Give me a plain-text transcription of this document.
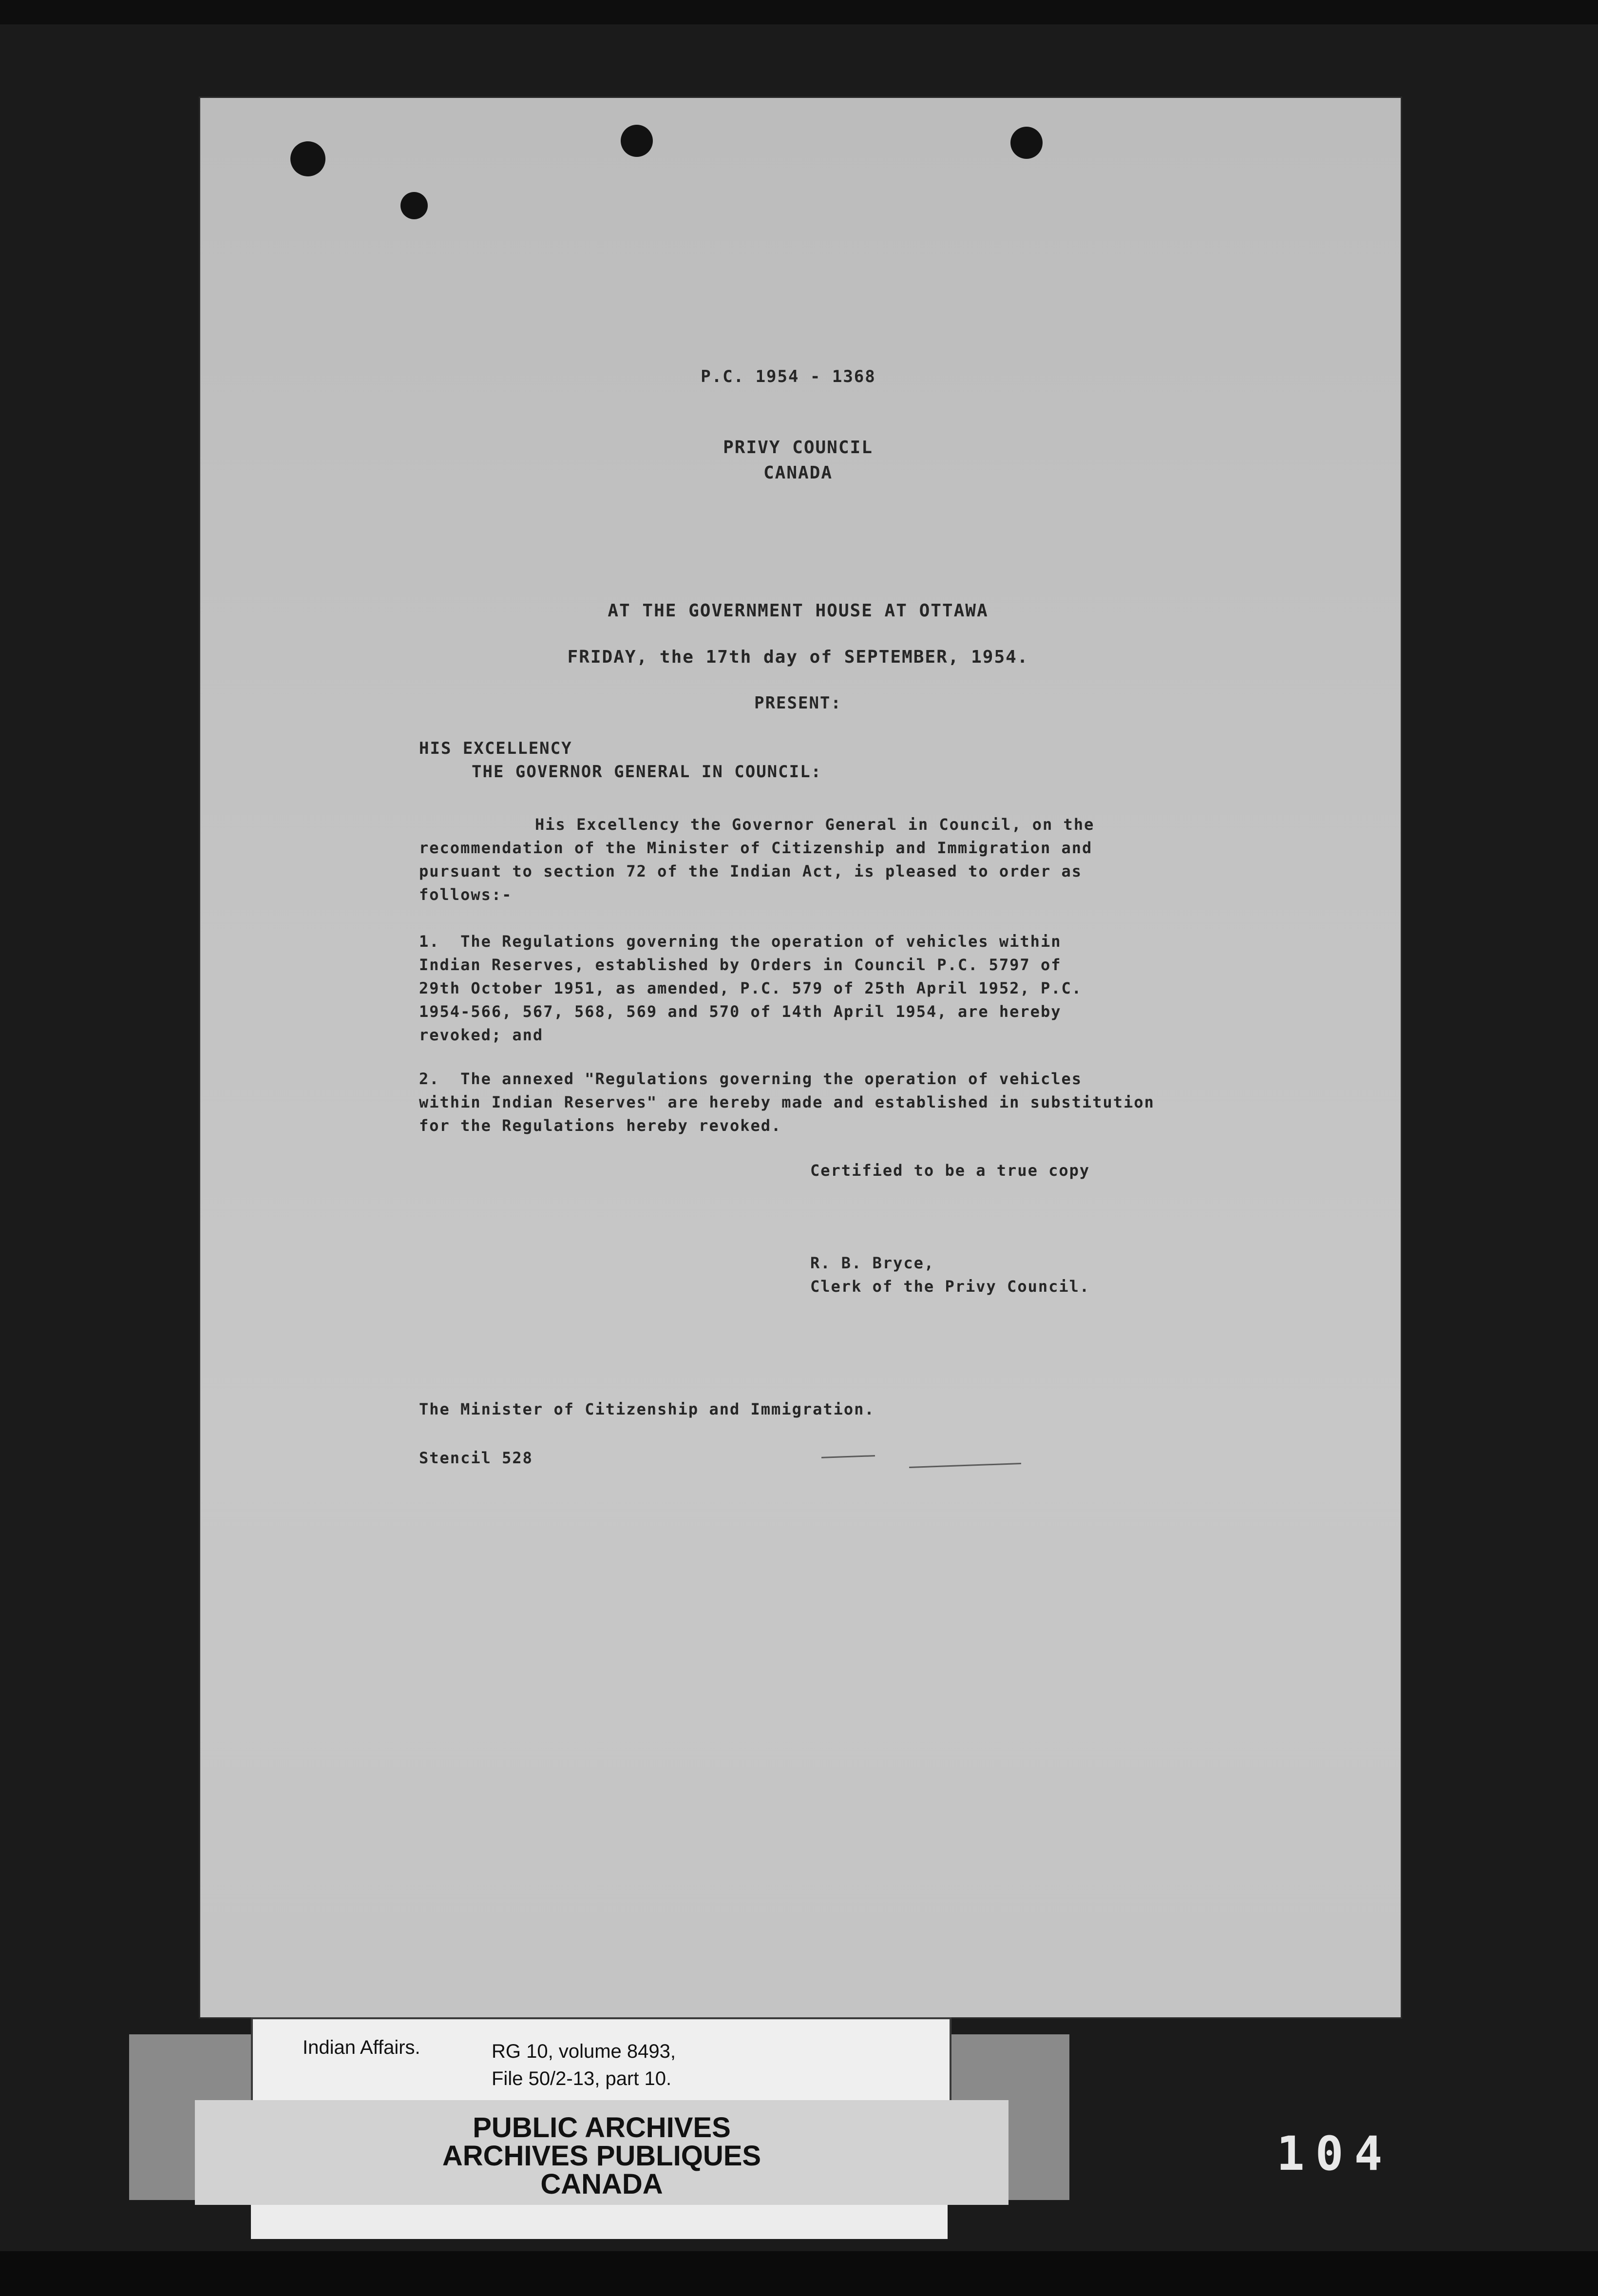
P.C. 1954 - 1368
PRIVY COUNCIL
CANADA
AT THE GOVERNMENT HOUSE AT OTTAWA
FRIDAY, the 17th day of SEPTEMBER, 1954.
PRESENT:
HIS EXCELLENCY
THE GOVERNOR GENERAL IN COUNCIL:
His Excellency the Governor General in Council, on the
recommendation of the Minister of Citizenship and Immigration and
pursuant to section 72 of the Indian Act, is pleased to order as
follows:-
1.  The Regulations governing the operation of vehicles within
Indian Reserves, established by Orders in Council P.C. 5797 of
29th October 1951, as amended, P.C. 579 of 25th April 1952, P.C.
1954-566, 567, 568, 569 and 570 of 14th April 1954, are hereby
revoked; and
2.  The annexed "Regulations governing the operation of vehicles
within Indian Reserves" are hereby made and established in substitution
for the Regulations hereby revoked.
Certified to be a true copy
R. B. Bryce,
Clerk of the Privy Council.
The Minister of Citizenship and Immigration.
Stencil 528
Indian Affairs.	RG 10, volume 8493,
File 50/2-13, part 10.
PUBLIC ARCHIVES
ARCHIVES PUBLIQUES
CANADA
104
